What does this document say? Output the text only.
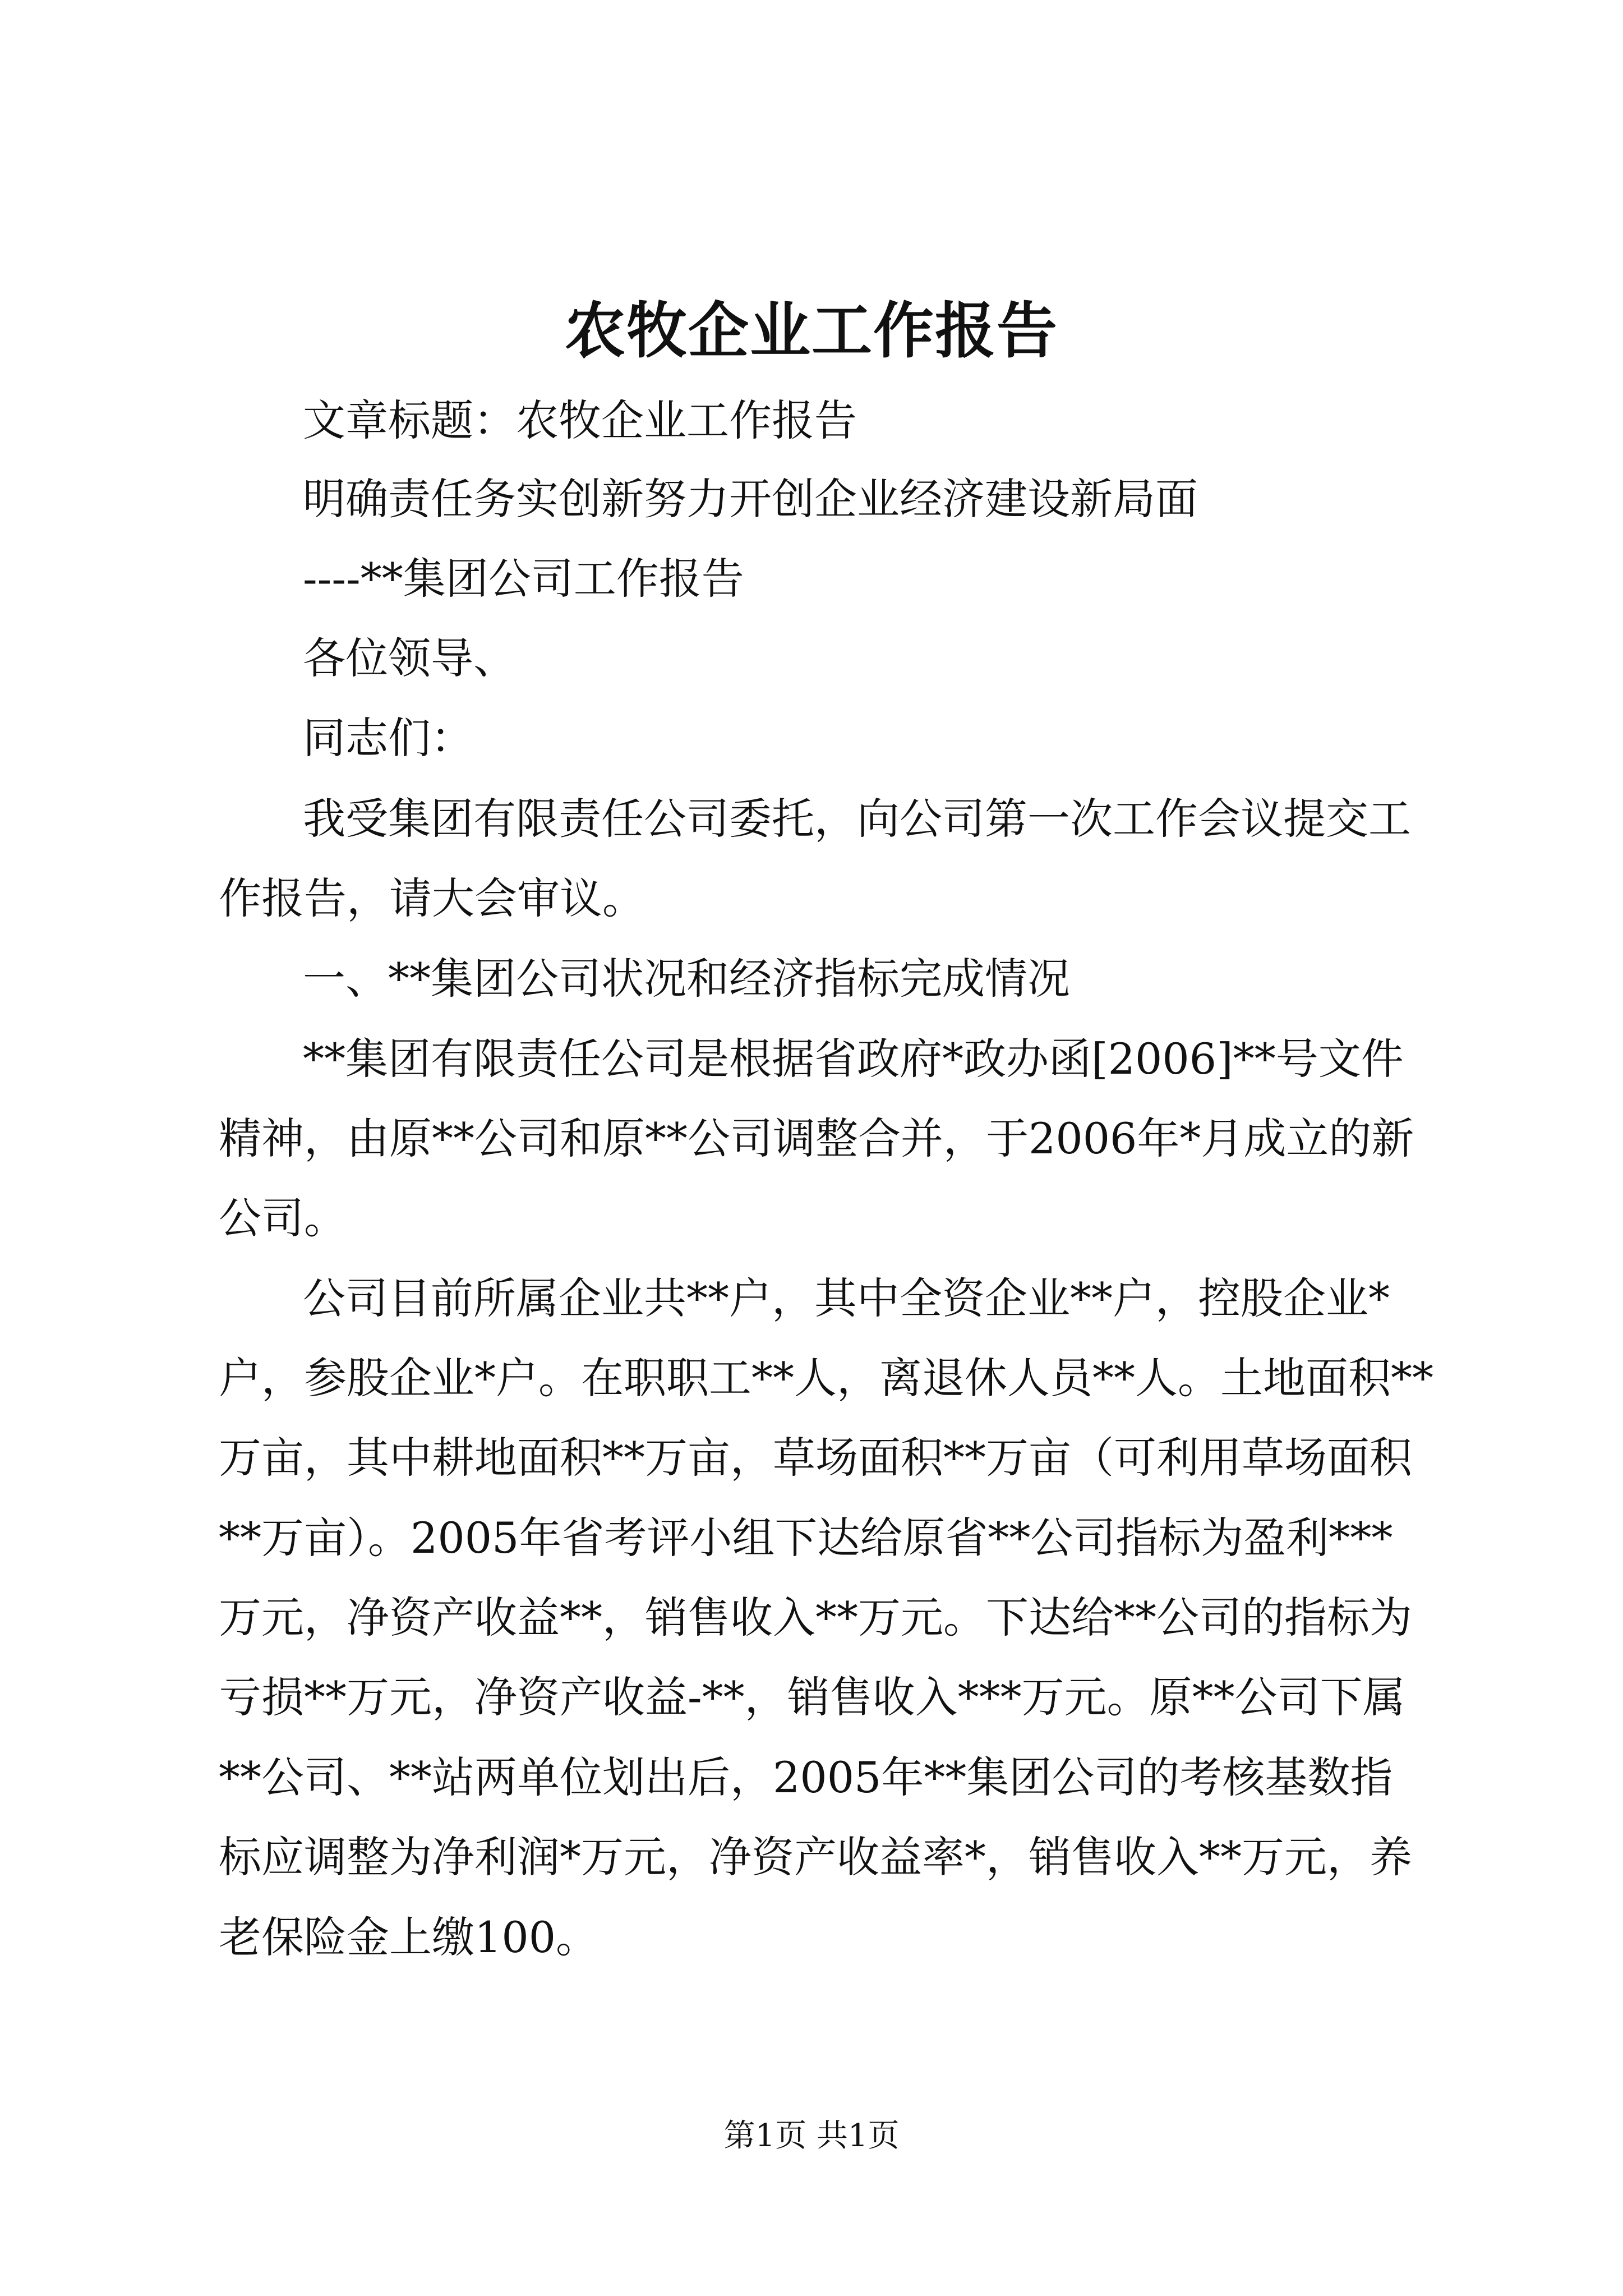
农牧企业工作报告
文章标题：农牧企业工作报告
明确责任务实创新努力开创企业经济建设新局面
----**集团公司工作报告
各位领导、
同志们：
我受集团有限责任公司委托，向公司第一次工作会议提交工
作报告，请大会审议。
一、**集团公司状况和经济指标完成情况
**集团有限责任公司是根据省政府*政办函[2006]**号文件
精神，由原**公司和原**公司调整合并，于2006年*月成立的新
公司。
公司目前所属企业共**户，其中全资企业**户，控股企业*
户，参股企业*户。在职职工**人，离退休人员**人。土地面积**
万亩，其中耕地面积**万亩，草场面积**万亩（可利用草场面积
**万亩）。2005年省考评小组下达给原省**公司指标为盈利***
万元，净资产收益**，销售收入**万元。下达给**公司的指标为
亏损**万元，净资产收益-**，销售收入***万元。原**公司下属
**公司、**站两单位划出后，2005年**集团公司的考核基数指
标应调整为净利润*万元，净资产收益率*，销售收入**万元，养
老保险金上缴100。
第1页 共1页
